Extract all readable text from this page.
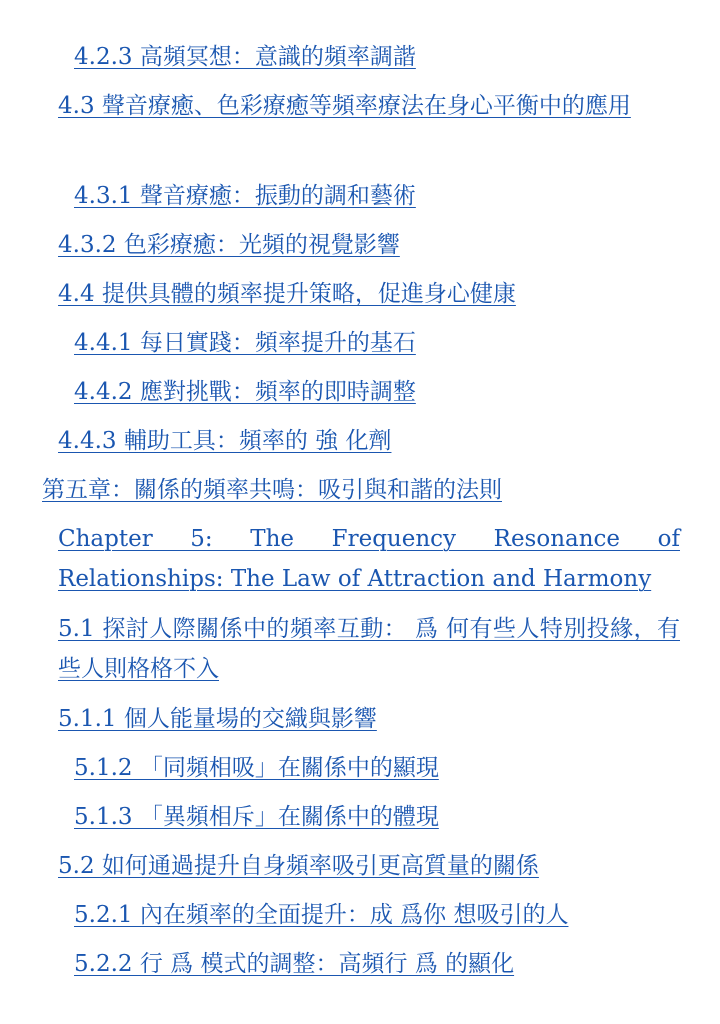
4.2.3 高頻冥想：意識的頻率調諧

4.3 聲音療癒、色彩療癒等頻率療法在身心平衡中的應用

4.3.1 聲音療癒：振動的調和藝術

4.3.2 色彩療癒：光頻的視覺影響

4.4 提供具體的頻率提升策略，促進身心健康

4.4.1 每日實踐：頻率提升的基石

4.4.2 應對挑戰：頻率的即時調整

4.4.3 輔助工具：頻率的 強 化劑

第五章：關係的頻率共鳴：吸引與和諧的法則

Chapter 5: The Frequency Resonance of Relationships: The Law of Attraction and Harmony

5.1 探討人際關係中的頻率互動： 爲 何有些人特別投緣，有些人則格格不入

5.1.1 個人能量場的交織與影響

5.1.2 「同頻相吸」在關係中的顯現

5.1.3 「異頻相斥」在關係中的體現

5.2 如何通過提升自身頻率吸引更高質量的關係

5.2.1 內在頻率的全面提升：成 爲你 想吸引的人

5.2.2 行 爲 模式的調整：高頻行 爲 的顯化
